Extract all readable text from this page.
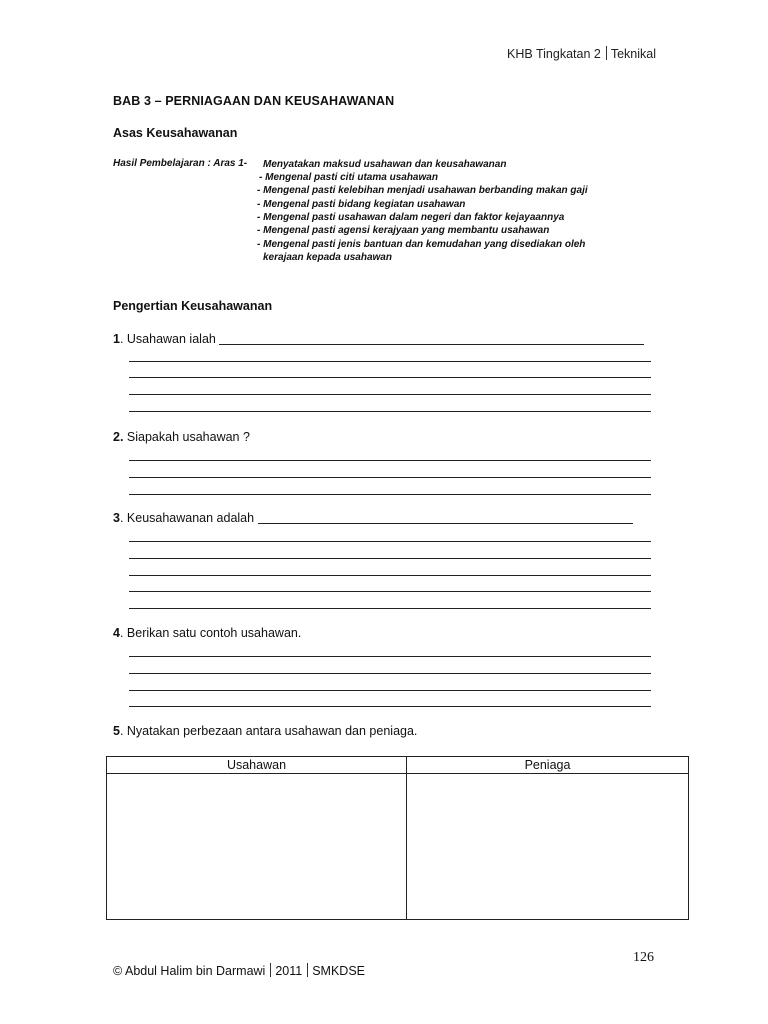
KHB Tingkatan 2 Teknikal
BAB 3 – PERNIAGAAN DAN KEUSAHAWANAN
Asas Keusahawanan
Hasil Pembelajaran : Aras 1- Menyatakan maksud usahawan dan keusahawanan
- Mengenal pasti citi utama usahawan
- Mengenal pasti kelebihan menjadi usahawan berbanding makan gaji
- Mengenal pasti bidang kegiatan usahawan
- Mengenal pasti usahawan dalam negeri dan faktor kejayaannya
- Mengenal pasti agensi kerajyaan yang membantu usahawan
- Mengenal pasti jenis bantuan dan kemudahan yang disediakan oleh
kerajaan kepada usahawan
Pengertian Keusahawanan
1. Usahawan ialah
2. Siapakah usahawan ?
3. Keusahawanan adalah
4. Berikan satu contoh usahawan.
5. Nyatakan perbezaan antara usahawan dan peniaga.
Usahawan	Peniaga
126
© Abdul Halim bin Darmawi 2011 SMKDSE
